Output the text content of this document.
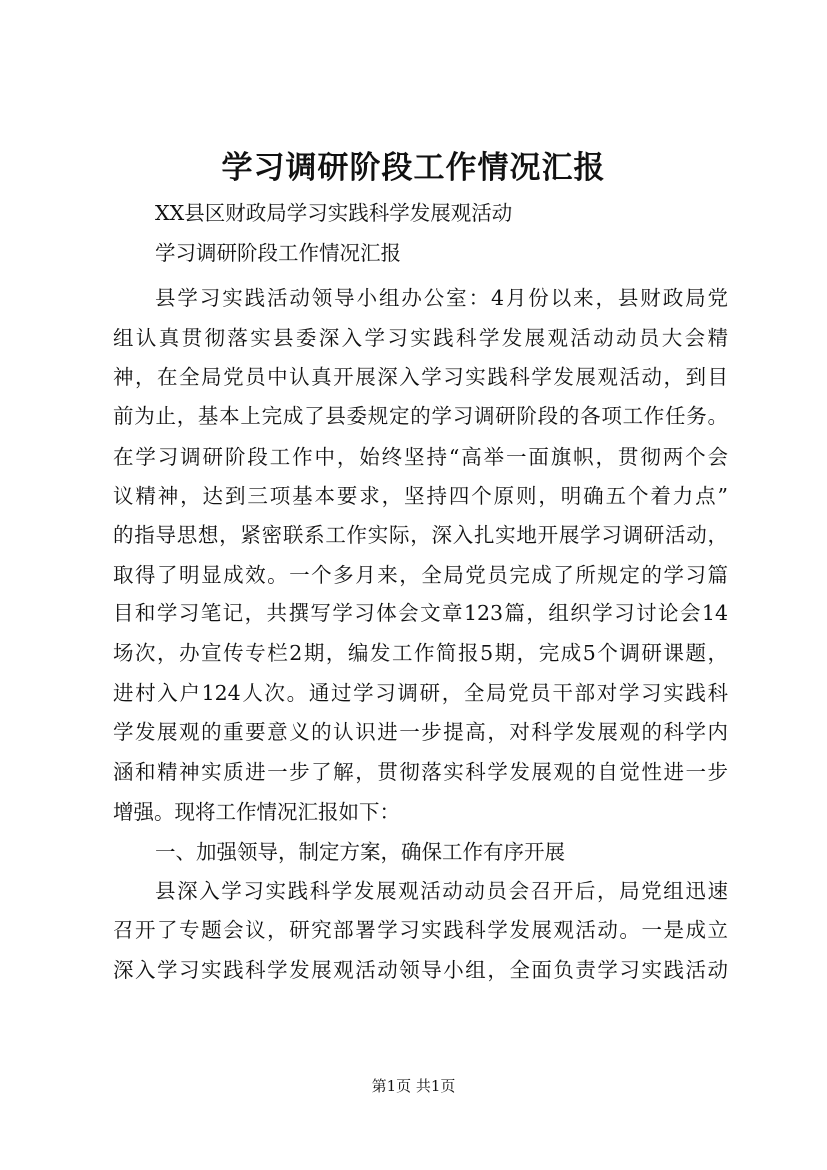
学习调研阶段工作情况汇报
XX县区财政局学习实践科学发展观活动
学习调研阶段工作情况汇报
县学习实践活动领导小组办公室：4月份以来，县财政局党
组认真贯彻落实县委深入学习实践科学发展观活动动员大会精
神，在全局党员中认真开展深入学习实践科学发展观活动，到目
前为止，基本上完成了县委规定的学习调研阶段的各项工作任务。
在学习调研阶段工作中，始终坚持“高举一面旗帜，贯彻两个会
议精神，达到三项基本要求，坚持四个原则，明确五个着力点”
的指导思想，紧密联系工作实际，深入扎实地开展学习调研活动，
取得了明显成效。一个多月来，全局党员完成了所规定的学习篇
目和学习笔记，共撰写学习体会文章123篇，组织学习讨论会14
场次，办宣传专栏2期，编发工作简报5期，完成5个调研课题，
进村入户124人次。通过学习调研，全局党员干部对学习实践科
学发展观的重要意义的认识进一步提高，对科学发展观的科学内
涵和精神实质进一步了解，贯彻落实科学发展观的自觉性进一步
增强。现将工作情况汇报如下：
一、加强领导，制定方案，确保工作有序开展
县深入学习实践科学发展观活动动员会召开后，局党组迅速
召开了专题会议，研究部署学习实践科学发展观活动。一是成立
深入学习实践科学发展观活动领导小组，全面负责学习实践活动
第1页 共1页
